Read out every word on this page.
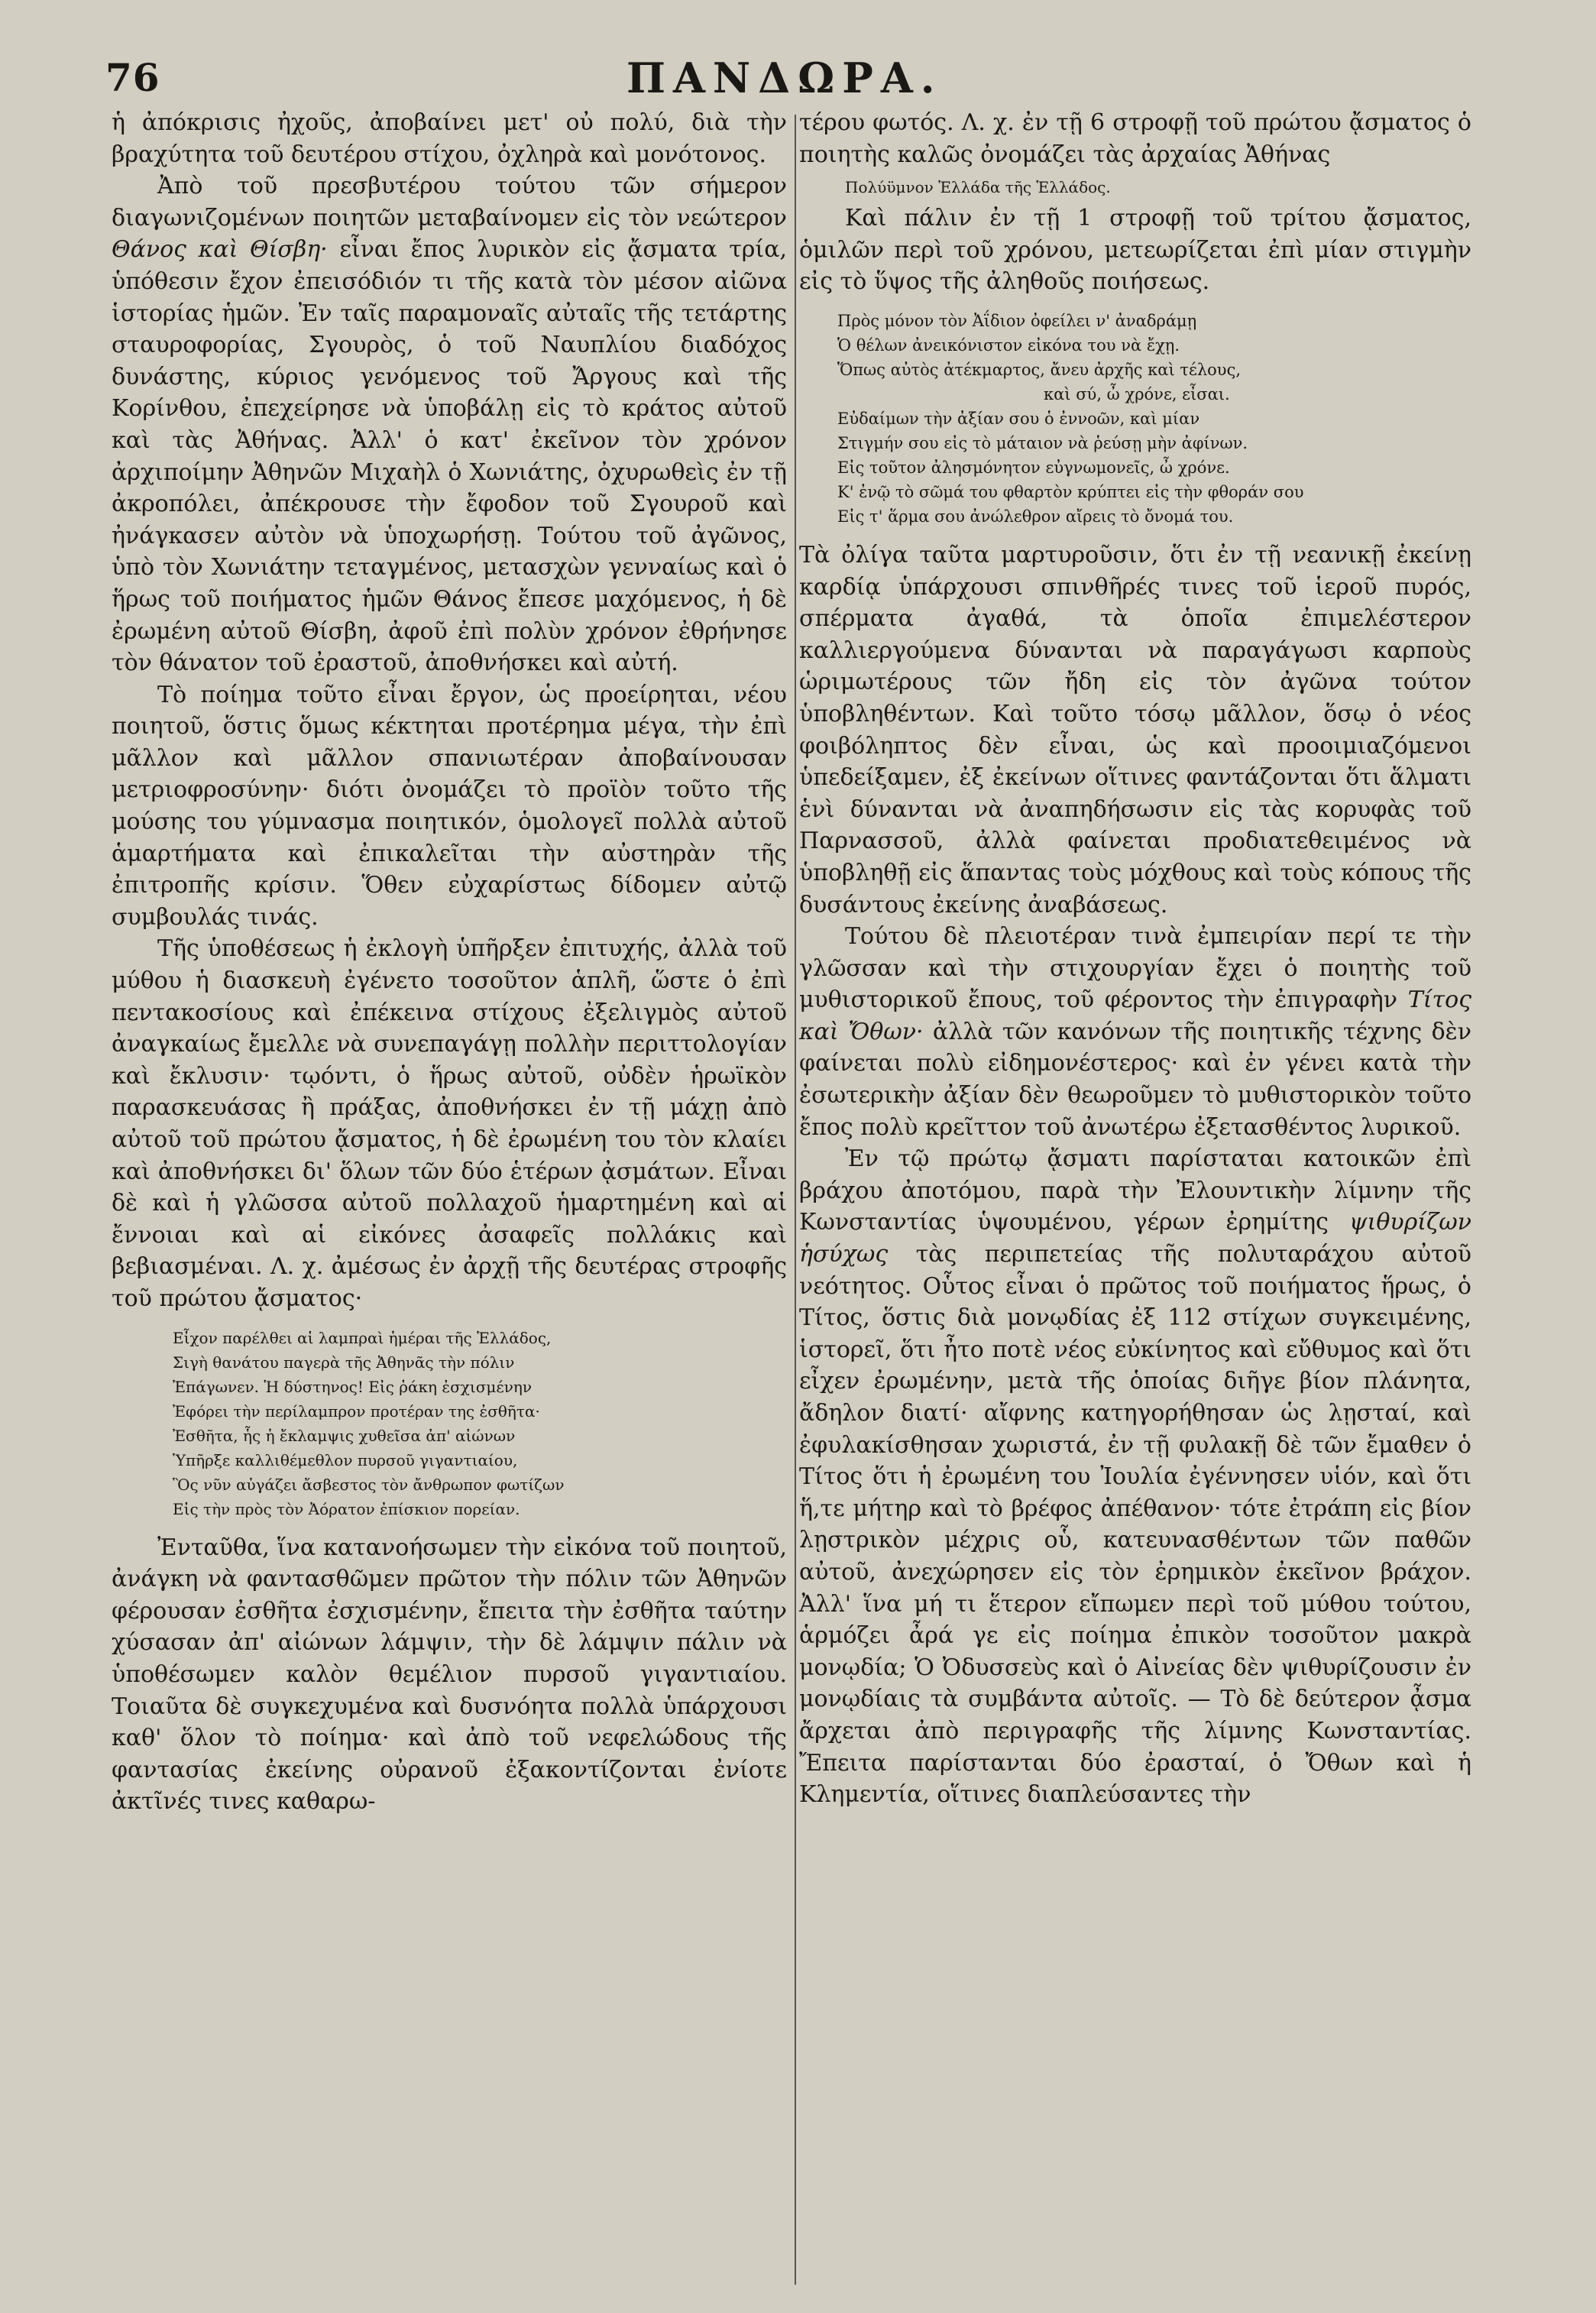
76	ΠΑΝΔΩΡΑ.

ἡ ἀπόκρισις ἠχοῦς, ἀποβαίνει μετ' οὐ πολύ, διὰ τὴν βραχύτητα τοῦ δευτέρου στίχου, ὀχληρὰ καὶ μονότονος.

Ἀπὸ τοῦ πρεσβυτέρου τούτου τῶν σήμερον διαγωνιζομένων ποιητῶν μεταβαίνομεν εἰς τὸν νεώτερον Θάνος καὶ Θίσβη· εἶναι ἔπος λυρικὸν εἰς ᾄσματα τρία, ὑπόθεσιν ἔχον ἐπεισόδιόν τι τῆς κατὰ τὸν μέσον αἰῶνα ἱστορίας ἡμῶν. Ἐν ταῖς παραμοναῖς αὐταῖς τῆς τετάρτης σταυροφορίας, Σγουρὸς, ὁ τοῦ Ναυπλίου διαδόχος δυνάστης, κύριος γενόμενος τοῦ Ἄργους καὶ τῆς Κορίνθου, ἐπεχείρησε νὰ ὑποβάλῃ εἰς τὸ κράτος αὐτοῦ καὶ τὰς Ἀθήνας. Ἀλλ' ὁ κατ' ἐκεῖνον τὸν χρόνον ἀρχιποίμην Ἀθηνῶν Μιχαὴλ ὁ Χωνιάτης, ὀχυρωθεὶς ἐν τῇ ἀκροπόλει, ἀπέκρουσε τὴν ἔφοδον τοῦ Σγουροῦ καὶ ἠνάγκασεν αὐτὸν νὰ ὑποχωρήσῃ. Τούτου τοῦ ἀγῶνος, ὑπὸ τὸν Χωνιάτην τεταγμένος, μετασχὼν γενναίως καὶ ὁ ἥρως τοῦ ποιήματος ἡμῶν Θάνος ἔπεσε μαχόμενος, ἡ δὲ ἐρωμένη αὐτοῦ Θίσβη, ἀφοῦ ἐπὶ πολὺν χρόνον ἐθρήνησε τὸν θάνατον τοῦ ἐραστοῦ, ἀποθνήσκει καὶ αὐτή.

Τὸ ποίημα τοῦτο εἶναι ἔργον, ὡς προείρηται, νέου ποιητοῦ, ὅστις ὅμως κέκτηται προτέρημα μέγα, τὴν ἐπὶ μᾶλλον καὶ μᾶλλον σπανιωτέραν ἀποβαίνουσαν μετριοφροσύνην· διότι ὀνομάζει τὸ προϊὸν τοῦτο τῆς μούσης του γύμνασμα ποιητικόν, ὁμολογεῖ πολλὰ αὐτοῦ ἁμαρτήματα καὶ ἐπικαλεῖται τὴν αὐστηρὰν τῆς ἐπιτροπῆς κρίσιν. Ὅθεν εὐχαρίστως δίδομεν αὐτῷ συμβουλάς τινάς.

Τῆς ὑποθέσεως ἡ ἐκλογὴ ὑπῆρξεν ἐπιτυχής, ἀλλὰ τοῦ μύθου ἡ διασκευὴ ἐγένετο τοσοῦτον ἁπλῆ, ὥστε ὁ ἐπὶ πεντακοσίους καὶ ἐπέκεινα στίχους ἐξελιγμὸς αὐτοῦ ἀναγκαίως ἔμελλε νὰ συνεπαγάγῃ πολλὴν περιττολογίαν καὶ ἔκλυσιν· τῳόντι, ὁ ἥρως αὐτοῦ, οὐδὲν ἡρωϊκὸν παρασκευάσας ἢ πράξας, ἀποθνήσκει ἐν τῇ μάχῃ ἀπὸ αὐτοῦ τοῦ πρώτου ᾄσματος, ἡ δὲ ἐρωμένη του τὸν κλαίει καὶ ἀποθνήσκει δι' ὅλων τῶν δύο ἑτέρων ᾀσμάτων. Εἶναι δὲ καὶ ἡ γλῶσσα αὐτοῦ πολλαχοῦ ἡμαρτημένη καὶ αἱ ἔννοιαι καὶ αἱ εἰκόνες ἀσαφεῖς πολλάκις καὶ βεβιασμέναι. Λ. χ. ἀμέσως ἐν ἀρχῇ τῆς δευτέρας στροφῆς τοῦ πρώτου ᾄσματος·

Εἶχον παρέλθει αἱ λαμπραὶ ἡμέραι τῆς Ἑλλάδος,
Σιγὴ θανάτου παγερὰ τῆς Ἀθηνᾶς τὴν πόλιν
Ἐπάγωνεν. Ἡ δύστηνος! Εἰς ῥάκη ἐσχισμένην
Ἐφόρει τὴν περίλαμπρον προτέραν της ἐσθῆτα·
Ἐσθῆτα, ἧς ἡ ἔκλαμψις χυθεῖσα ἀπ' αἰώνων
Ὑπῆρξε καλλιθέμεθλον πυρσοῦ γιγαντιαίου,
Ὃς νῦν αὐγάζει ἄσβεστος τὸν ἄνθρωπον φωτίζων
Εἰς τὴν πρὸς τὸν Ἀόρατον ἐπίσκιον πορείαν.

Ἐνταῦθα, ἵνα κατανοήσωμεν τὴν εἰκόνα τοῦ ποιητοῦ, ἀνάγκη νὰ φαντασθῶμεν πρῶτον τὴν πόλιν τῶν Ἀθηνῶν φέρουσαν ἐσθῆτα ἐσχισμένην, ἔπειτα τὴν ἐσθῆτα ταύτην χύσασαν ἀπ' αἰώνων λάμψιν, τὴν δὲ λάμψιν πάλιν νὰ ὑποθέσωμεν καλὸν θεμέλιον πυρσοῦ γιγαντιαίου. Τοιαῦτα δὲ συγκεχυμένα καὶ δυσνόητα πολλὰ ὑπάρχουσι καθ' ὅλον τὸ ποίημα· καὶ ἀπὸ τοῦ νεφελώδους τῆς φαντασίας ἐκείνης οὐρανοῦ ἐξακοντίζονται ἐνίοτε ἀκτῖνές τινες καθαρω-

τέρου φωτός. Λ. χ. ἐν τῇ 6 στροφῇ τοῦ πρώτου ᾄσματος ὁ ποιητὴς καλῶς ὀνομάζει τὰς ἀρχαίας Ἀθήνας

Πολύϋμνον Ἑλλάδα τῆς Ἑλλάδος.

Καὶ πάλιν ἐν τῇ 1 στροφῇ τοῦ τρίτου ᾄσματος, ὁμιλῶν περὶ τοῦ χρόνου, μετεωρίζεται ἐπὶ μίαν στιγμὴν εἰς τὸ ὕψος τῆς ἀληθοῦς ποιήσεως.

Πρὸς μόνον τὸν Ἀΐδιον ὀφείλει ν' ἀναδράμῃ
Ὁ θέλων ἀνεικόνιστον εἰκόνα του νὰ ἔχῃ.
Ὅπως αὐτὸς ἀτέκμαρτος, ἄνευ ἀρχῆς καὶ τέλους,
καὶ σύ, ὦ χρόνε, εἶσαι.
Εὐδαίμων τὴν ἀξίαν σου ὁ ἐννοῶν, καὶ μίαν
Στιγμήν σου εἰς τὸ μάταιον νὰ ῥεύσῃ μὴν ἀφίνων.
Εἰς τοῦτον ἀλησμόνητον εὐγνωμονεῖς, ὦ χρόνε.
Κ' ἐνῷ τὸ σῶμά του φθαρτὸν κρύπτει εἰς τὴν φθοράν σου
Εἰς τ' ἅρμα σου ἀνώλεθρον αἴρεις τὸ ὄνομά του.

Τὰ ὀλίγα ταῦτα μαρτυροῦσιν, ὅτι ἐν τῇ νεανικῇ ἐκείνῃ καρδίᾳ ὑπάρχουσι σπινθῆρές τινες τοῦ ἱεροῦ πυρός, σπέρματα ἀγαθά, τὰ ὁποῖα ἐπιμελέστερον καλλιεργούμενα δύνανται νὰ παραγάγωσι καρποὺς ὡριμωτέρους τῶν ἤδη εἰς τὸν ἀγῶνα τούτον ὑποβληθέντων. Καὶ τοῦτο τόσῳ μᾶλλον, ὅσῳ ὁ νέος φοιβόληπτος δὲν εἶναι, ὡς καὶ προοιμιαζόμενοι ὑπεδείξαμεν, ἐξ ἐκείνων οἵτινες φαντάζονται ὅτι ἅλματι ἑνὶ δύνανται νὰ ἀναπηδήσωσιν εἰς τὰς κορυφὰς τοῦ Παρνασσοῦ, ἀλλὰ φαίνεται προδιατεθειμένος νὰ ὑποβληθῇ εἰς ἅπαντας τοὺς μόχθους καὶ τοὺς κόπους τῆς δυσάντους ἐκείνης ἀναβάσεως.

Τούτου δὲ πλειοτέραν τινὰ ἐμπειρίαν περί τε τὴν γλῶσσαν καὶ τὴν στιχουργίαν ἔχει ὁ ποιητὴς τοῦ μυθιστορικοῦ ἔπους, τοῦ φέροντος τὴν ἐπιγραφὴν Τίτος καὶ Ὄθων· ἀλλὰ τῶν κανόνων τῆς ποιητικῆς τέχνης δὲν φαίνεται πολὺ εἰδημονέστερος· καὶ ἐν γένει κατὰ τὴν ἐσωτερικὴν ἀξίαν δὲν θεωροῦμεν τὸ μυθιστορικὸν τοῦτο ἔπος πολὺ κρεῖττον τοῦ ἀνωτέρω ἐξετασθέντος λυρικοῦ.

Ἐν τῷ πρώτῳ ᾄσματι παρίσταται κατοικῶν ἐπὶ βράχου ἀποτόμου, παρὰ τὴν Ἐλουντικὴν λίμνην τῆς Κωνσταντίας ὑψουμένου, γέρων ἐρημίτης ψιθυρίζων ἡσύχως τὰς περιπετείας τῆς πολυταράχου αὐτοῦ νεότητος. Οὗτος εἶναι ὁ πρῶτος τοῦ ποιήματος ἥρως, ὁ Τίτος, ὅστις διὰ μονῳδίας ἐξ 112 στίχων συγκειμένης, ἱστορεῖ, ὅτι ἦτο ποτὲ νέος εὐκίνητος καὶ εὔθυμος καὶ ὅτι εἶχεν ἐρωμένην, μετὰ τῆς ὁποίας διῆγε βίον πλάνητα, ἄδηλον διατί· αἴφνης κατηγορήθησαν ὡς λῃσταί, καὶ ἐφυλακίσθησαν χωριστά, ἐν τῇ φυλακῇ δὲ τῶν ἔμαθεν ὁ Τίτος ὅτι ἡ ἐρωμένη του Ἰουλία ἐγέννησεν υἱόν, καὶ ὅτι ἥ,τε μήτηρ καὶ τὸ βρέφος ἀπέθανον· τότε ἐτράπη εἰς βίον λῃστρικὸν μέχρις οὗ, κατευνασθέντων τῶν παθῶν αὐτοῦ, ἀνεχώρησεν εἰς τὸν ἐρημικὸν ἐκεῖνον βράχον. Ἀλλ' ἵνα μή τι ἕτερον εἴπωμεν περὶ τοῦ μύθου τούτου, ἁρμόζει ἆρά γε εἰς ποίημα ἐπικὸν τοσοῦτον μακρὰ μονῳδία; Ὁ Ὀδυσσεὺς καὶ ὁ Αἰνείας δὲν ψιθυρίζουσιν ἐν μονῳδίαις τὰ συμβάντα αὐτοῖς. — Τὸ δὲ δεύτερον ᾆσμα ἄρχεται ἀπὸ περιγραφῆς τῆς λίμνης Κωνσταντίας. Ἔπειτα παρίστανται δύο ἐρασταί, ὁ Ὄθων καὶ ἡ Κλημεντία, οἵτινες διαπλεύσαντες τὴν
